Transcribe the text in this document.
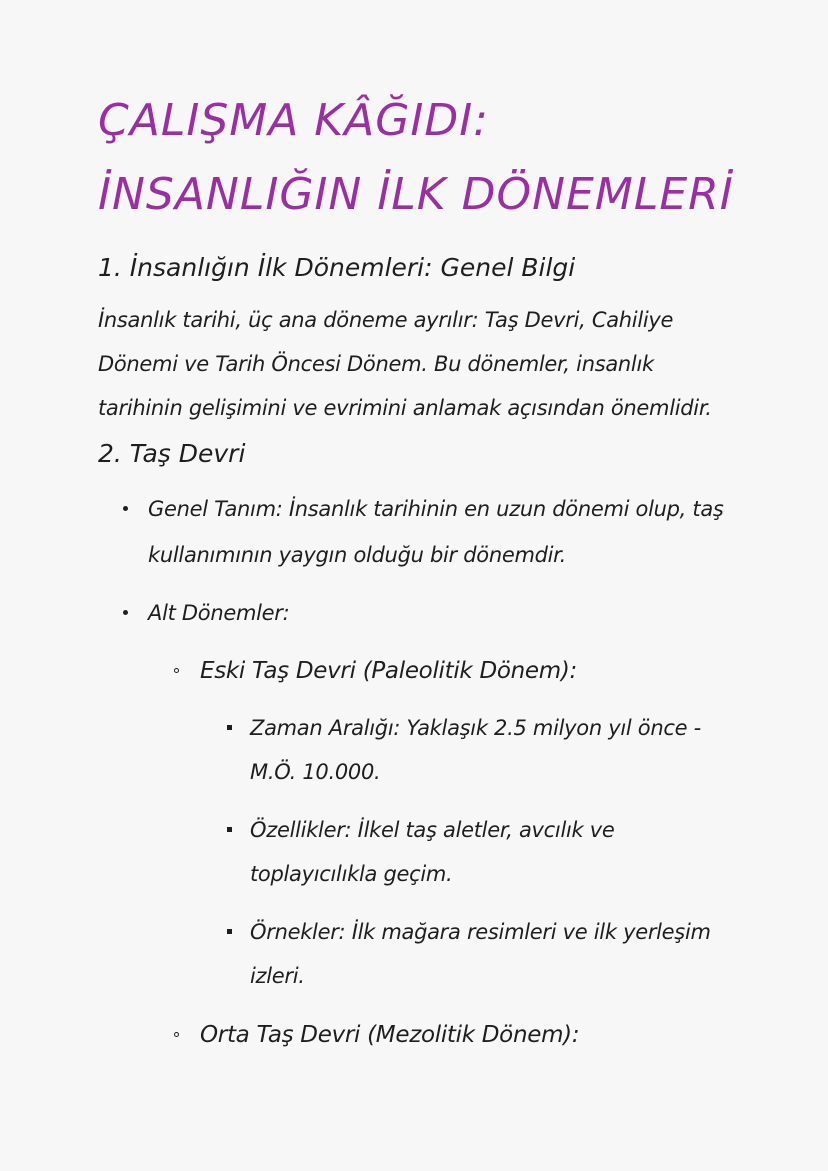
ÇALIŞMA KÂĞIDI: İNSANLIĞIN İLK DÖNEMLERİ
1. İnsanlığın İlk Dönemleri: Genel Bilgi

İnsanlık tarihi, üç ana döneme ayrılır: Taş Devri, Cahiliye Dönemi ve Tarih Öncesi Dönem. Bu dönemler, insanlık tarihinin gelişimini ve evrimini anlamak açısından önemlidir.

2. Taş Devri
Genel Tanım: İnsanlık tarihinin en uzun dönemi olup, taş kullanımının yaygın olduğu bir dönemdir.
Alt Dönemler:
Eski Taş Devri (Paleolitik Dönem):
Zaman Aralığı: Yaklaşık 2.5 milyon yıl önce - M.Ö. 10.000.
Özellikler: İlkel taş aletler, avcılık ve toplayıcılıkla geçim.
Örnekler: İlk mağara resimleri ve ilk yerleşim izleri.
Orta Taş Devri (Mezolitik Dönem):
